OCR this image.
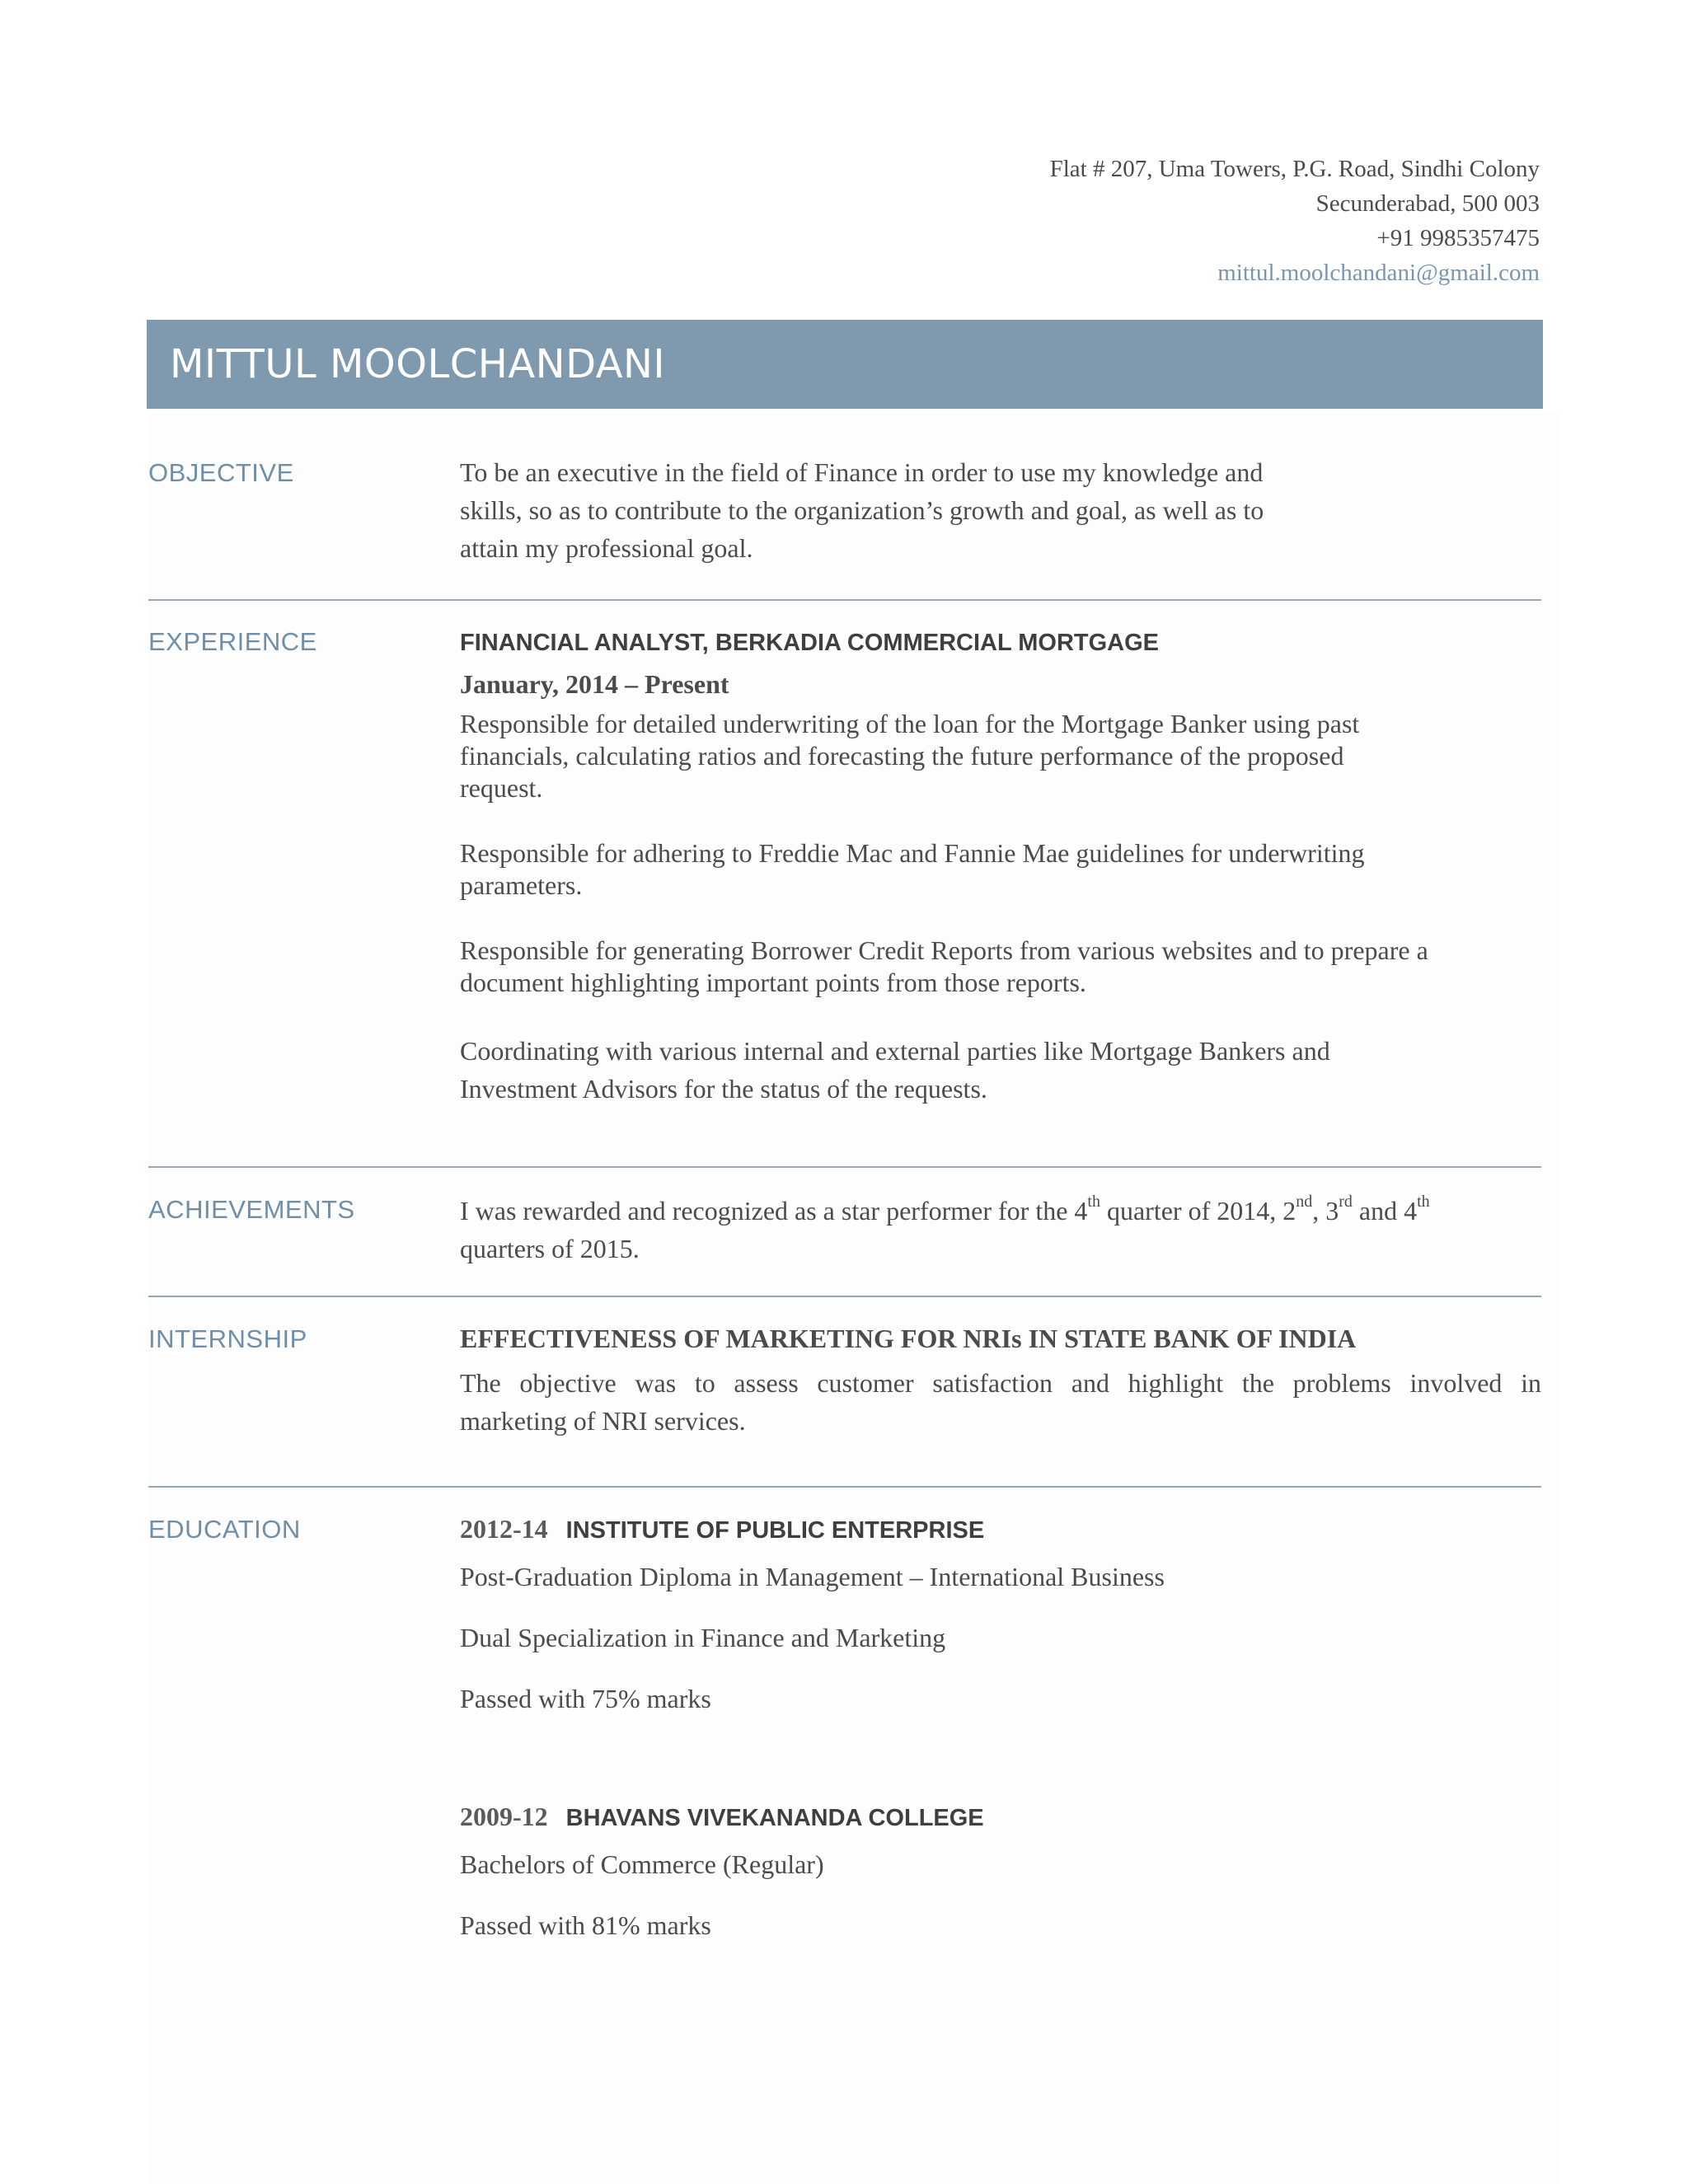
Flat # 207, Uma Towers, P.G. Road, Sindhi Colony
Secunderabad, 500 003
+91 9985357475
mittul.moolchandani@gmail.com
MITTUL MOOLCHANDANI
OBJECTIVE	To be an executive in the field of Finance in order to use my knowledge and
skills, so as to contribute to the organization’s growth and goal, as well as to
attain my professional goal.
EXPERIENCE	FINANCIAL ANALYST, BERKADIA COMMERCIAL MORTGAGE
January, 2014 – Present
Responsible for detailed underwriting of the loan for the Mortgage Banker using past
financials, calculating ratios and forecasting the future performance of the proposed
request.
Responsible for adhering to Freddie Mac and Fannie Mae guidelines for underwriting
parameters.
Responsible for generating Borrower Credit Reports from various websites and to prepare a
document highlighting important points from those reports.
Coordinating with various internal and external parties like Mortgage Bankers and
Investment Advisors for the status of the requests.
ACHIEVEMENTS	I was rewarded and recognized as a star performer for the 4th quarter of 2014, 2nd, 3rd and 4th
quarters of 2015.
INTERNSHIP	EFFECTIVENESS OF MARKETING FOR NRIs IN STATE BANK OF INDIA
The objective was to assess customer satisfaction and highlight the problems involved in
marketing of NRI services.
EDUCATION	2012-14 INSTITUTE OF PUBLIC ENTERPRISE
Post-Graduation Diploma in Management – International Business
Dual Specialization in Finance and Marketing
Passed with 75% marks
2009-12 BHAVANS VIVEKANANDA COLLEGE
Bachelors of Commerce (Regular)
Passed with 81% marks
